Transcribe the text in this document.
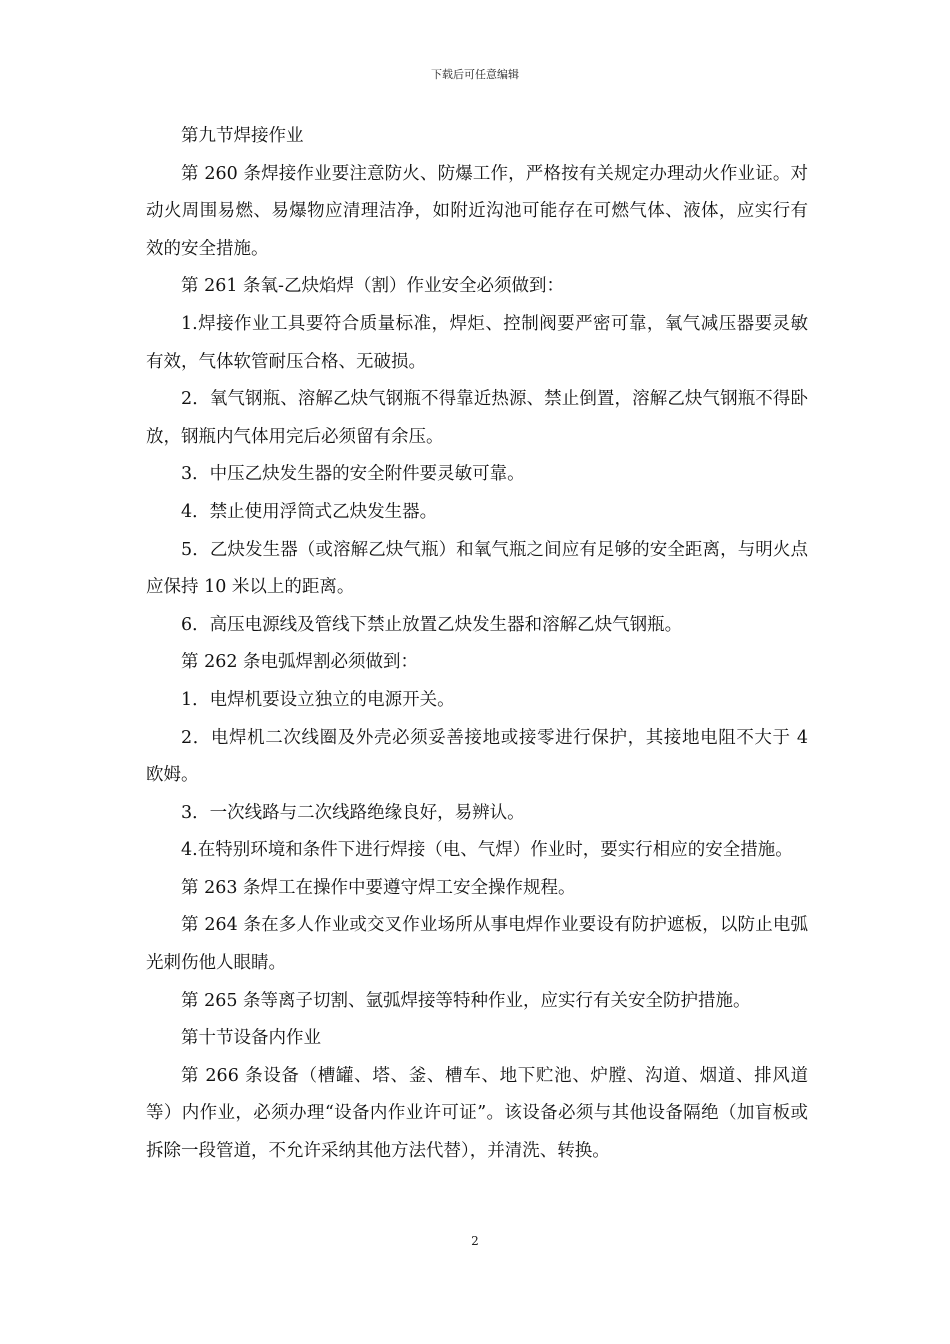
下载后可任意编辑

第九节焊接作业

第 260 条焊接作业要注意防火、防爆工作，严格按有关规定办理动火作业证。对动火周围易燃、易爆物应清理洁净，如附近沟池可能存在可燃气体、液体，应实行有效的安全措施。

第 261 条氧-乙炔焰焊（割）作业安全必须做到：

1.焊接作业工具要符合质量标准，焊炬、控制阀要严密可靠，氧气减压器要灵敏有效，气体软管耐压合格、无破损。

2．氧气钢瓶、溶解乙炔气钢瓶不得靠近热源、禁止倒置，溶解乙炔气钢瓶不得卧放，钢瓶内气体用完后必须留有余压。

3．中压乙炔发生器的安全附件要灵敏可靠。

4．禁止使用浮筒式乙炔发生器。

5．乙炔发生器（或溶解乙炔气瓶）和氧气瓶之间应有足够的安全距离，与明火点应保持 10 米以上的距离。

6．高压电源线及管线下禁止放置乙炔发生器和溶解乙炔气钢瓶。

第 262 条电弧焊割必须做到：

1．电焊机要设立独立的电源开关。

2．电焊机二次线圈及外壳必须妥善接地或接零进行保护，其接地电阻不大于 4 欧姆。

3．一次线路与二次线路绝缘良好，易辨认。

4.在特别环境和条件下进行焊接（电、气焊）作业时，要实行相应的安全措施。

第 263 条焊工在操作中要遵守焊工安全操作规程。

第 264 条在多人作业或交叉作业场所从事电焊作业要设有防护遮板，以防止电弧光刺伤他人眼睛。

第 265 条等离子切割、氩弧焊接等特种作业，应实行有关安全防护措施。

第十节设备内作业

第 266 条设备（槽罐、塔、釜、槽车、地下贮池、炉膛、沟道、烟道、排风道等）内作业，必须办理“设备内作业许可证”。该设备必须与其他设备隔绝（加盲板或拆除一段管道，不允许采纳其他方法代替），并清洗、转换。

2
